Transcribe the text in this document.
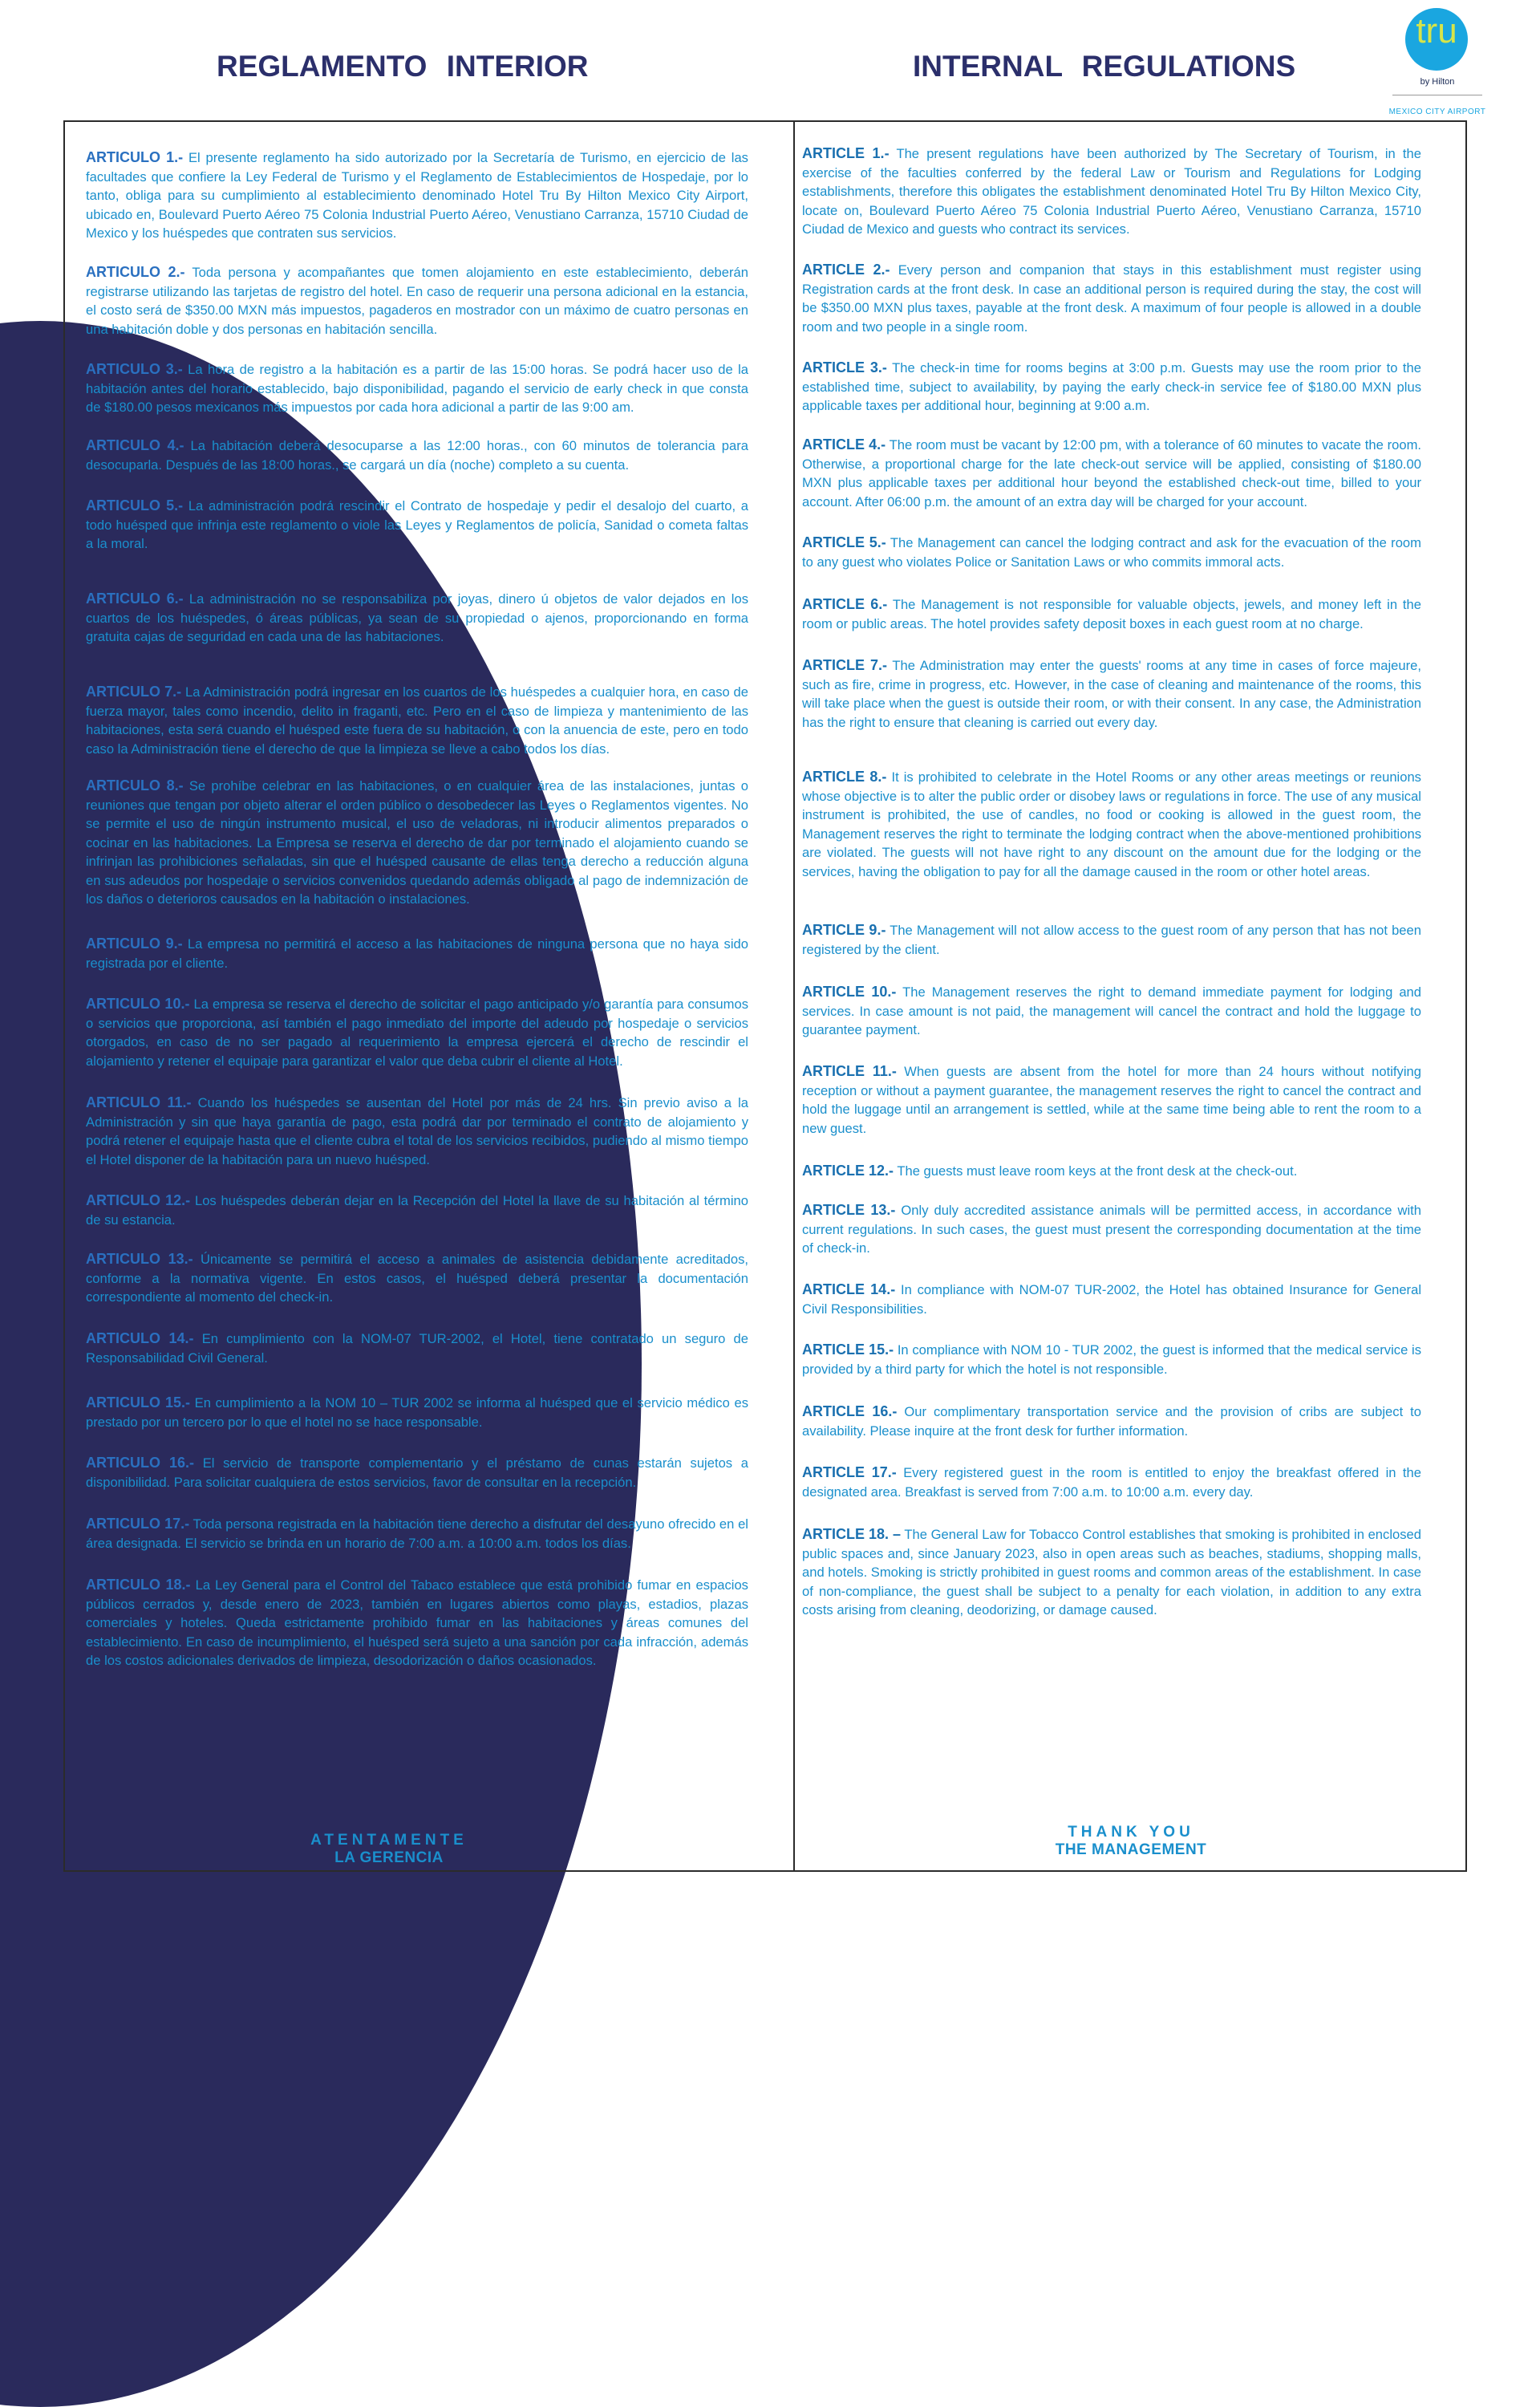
REGLAMENTO INTERIOR	INTERNAL REGULATIONS
tru
by Hilton
MEXICO CITY AIRPORT

ARTICULO 1.- El presente reglamento ha sido autorizado por la Secretaría de Turismo, en ejercicio de las facultades que confiere la Ley Federal de Turismo y el Reglamento de Establecimientos de Hospedaje, por lo tanto, obliga para su cumplimiento al establecimiento denominado Hotel Tru By Hilton Mexico City Airport, ubicado en, Boulevard Puerto Aéreo 75 Colonia Industrial Puerto Aéreo, Venustiano Carranza, 15710 Ciudad de Mexico y los huéspedes que contraten sus servicios.

ARTICULO 2.- Toda persona y acompañantes que tomen alojamiento en este establecimiento, deberán registrarse utilizando las tarjetas de registro del hotel. En caso de requerir una persona adicional en la estancia, el costo será de $350.00 MXN más impuestos, pagaderos en mostrador con un máximo de cuatro personas en una habitación doble y dos personas en habitación sencilla.

ARTICULO 3.- La hora de registro a la habitación es a partir de las 15:00 horas. Se podrá hacer uso de la habitación antes del horario establecido, bajo disponibilidad, pagando el servicio de early check in que consta de $180.00 pesos mexicanos más impuestos por cada hora adicional a partir de las 9:00 am.

ARTICULO 4.- La habitación deberá desocuparse a las 12:00 horas., con 60 minutos de tolerancia para desocuparla. Después de las 18:00 horas., se cargará un día (noche) completo a su cuenta.

ARTICULO 5.- La administración podrá rescindir el Contrato de hospedaje y pedir el desalojo del cuarto, a todo huésped que infrinja este reglamento o viole las Leyes y Reglamentos de policía, Sanidad o cometa faltas a la moral.

ARTICULO 6.- La administración no se responsabiliza por joyas, dinero ú objetos de valor dejados en los cuartos de los huéspedes, ó áreas públicas, ya sean de su propiedad o ajenos, proporcionando en forma gratuita cajas de seguridad en cada una de las habitaciones.

ARTICULO 7.- La Administración podrá ingresar en los cuartos de los huéspedes a cualquier hora, en caso de fuerza mayor, tales como incendio, delito in fraganti, etc. Pero en el caso de limpieza y mantenimiento de las habitaciones, esta será cuando el huésped este fuera de su habitación, o con la anuencia de este, pero en todo caso la Administración tiene el derecho de que la limpieza se lleve a cabo todos los días.

ARTICULO 8.- Se prohíbe celebrar en las habitaciones, o en cualquier área de las instalaciones, juntas o reuniones que tengan por objeto alterar el orden público o desobedecer las Leyes o Reglamentos vigentes. No se permite el uso de ningún instrumento musical, el uso de veladoras, ni introducir alimentos preparados o cocinar en las habitaciones. La Empresa se reserva el derecho de dar por terminado el alojamiento cuando se infrinjan las prohibiciones señaladas, sin que el huésped causante de ellas tenga derecho a reducción alguna en sus adeudos por hospedaje o servicios convenidos quedando además obligado al pago de indemnización de los daños o deterioros causados en la habitación o instalaciones.

ARTICULO 9.- La empresa no permitirá el acceso a las habitaciones de ninguna persona que no haya sido registrada por el cliente.

ARTICULO 10.- La empresa se reserva el derecho de solicitar el pago anticipado y/o garantía para consumos o servicios que proporciona, así también el pago inmediato del importe del adeudo por hospedaje o servicios otorgados, en caso de no ser pagado al requerimiento la empresa ejercerá el derecho de rescindir el alojamiento y retener el equipaje para garantizar el valor que deba cubrir el cliente al Hotel.

ARTICULO 11.- Cuando los huéspedes se ausentan del Hotel por más de 24 hrs. Sin previo aviso a la Administración y sin que haya garantía de pago, esta podrá dar por terminado el contrato de alojamiento y podrá retener el equipaje hasta que el cliente cubra el total de los servicios recibidos, pudiendo al mismo tiempo el Hotel disponer de la habitación para un nuevo huésped.

ARTICULO 12.- Los huéspedes deberán dejar en la Recepción del Hotel la llave de su habitación al término de su estancia.

ARTICULO 13.- Únicamente se permitirá el acceso a animales de asistencia debidamente acreditados, conforme a la normativa vigente. En estos casos, el huésped deberá presentar la documentación correspondiente al momento del check-in.

ARTICULO 14.- En cumplimiento con la NOM-07 TUR-2002, el Hotel, tiene contratado un seguro de Responsabilidad Civil General.

ARTICULO 15.- En cumplimiento a la NOM 10 – TUR 2002 se informa al huésped que el servicio médico es prestado por un tercero por lo que el hotel no se hace responsable.

ARTICULO 16.- El servicio de transporte complementario y el préstamo de cunas estarán sujetos a disponibilidad. Para solicitar cualquiera de estos servicios, favor de consultar en la recepción.

ARTICULO 17.- Toda persona registrada en la habitación tiene derecho a disfrutar del desayuno ofrecido en el área designada. El servicio se brinda en un horario de 7:00 a.m. a 10:00 a.m. todos los días.

ARTICULO 18.- La Ley General para el Control del Tabaco establece que está prohibido fumar en espacios públicos cerrados y, desde enero de 2023, también en lugares abiertos como playas, estadios, plazas comerciales y hoteles. Queda estrictamente prohibido fumar en las habitaciones y áreas comunes del establecimiento. En caso de incumplimiento, el huésped será sujeto a una sanción por cada infracción, además de los costos adicionales derivados de limpieza, desodorización o daños ocasionados.

ARTICLE 1.- The present regulations have been authorized by The Secretary of Tourism, in the exercise of the faculties conferred by the federal Law or Tourism and Regulations for Lodging establishments, therefore this obligates the establishment denominated Hotel Tru By Hilton Mexico City, locate on, Boulevard Puerto Aéreo 75 Colonia Industrial Puerto Aéreo, Venustiano Carranza, 15710 Ciudad de Mexico and guests who contract its services.

ARTICLE 2.- Every person and companion that stays in this establishment must register using Registration cards at the front desk. In case an additional person is required during the stay, the cost will be $350.00 MXN plus taxes, payable at the front desk. A maximum of four people is allowed in a double room and two people in a single room.

ARTICLE 3.- The check-in time for rooms begins at 3:00 p.m. Guests may use the room prior to the established time, subject to availability, by paying the early check-in service fee of $180.00 MXN plus applicable taxes per additional hour, beginning at 9:00 a.m.

ARTICLE 4.- The room must be vacant by 12:00 pm, with a tolerance of 60 minutes to vacate the room. Otherwise, a proportional charge for the late check-out service will be applied, consisting of $180.00 MXN plus applicable taxes per additional hour beyond the established check-out time, billed to your account. After 06:00 p.m. the amount of an extra day will be charged for your account.

ARTICLE 5.- The Management can cancel the lodging contract and ask for the evacuation of the room to any guest who violates Police or Sanitation Laws or who commits immoral acts.

ARTICLE 6.- The Management is not responsible for valuable objects, jewels, and money left in the room or public areas. The hotel provides safety deposit boxes in each guest room at no charge.

ARTICLE 7.- The Administration may enter the guests' rooms at any time in cases of force majeure, such as fire, crime in progress, etc. However, in the case of cleaning and maintenance of the rooms, this will take place when the guest is outside their room, or with their consent. In any case, the Administration has the right to ensure that cleaning is carried out every day.

ARTICLE 8.- It is prohibited to celebrate in the Hotel Rooms or any other areas meetings or reunions whose objective is to alter the public order or disobey laws or regulations in force. The use of any musical instrument is prohibited, the use of candles, no food or cooking is allowed in the guest room, the Management reserves the right to terminate the lodging contract when the above-mentioned prohibitions are violated. The guests will not have right to any discount on the amount due for the lodging or the services, having the obligation to pay for all the damage caused in the room or other hotel areas.

ARTICLE 9.- The Management will not allow access to the guest room of any person that has not been registered by the client.

ARTICLE 10.- The Management reserves the right to demand immediate payment for lodging and services. In case amount is not paid, the management will cancel the contract and hold the luggage to guarantee payment.

ARTICLE 11.- When guests are absent from the hotel for more than 24 hours without notifying reception or without a payment guarantee, the management reserves the right to cancel the contract and hold the luggage until an arrangement is settled, while at the same time being able to rent the room to a new guest.

ARTICLE 12.- The guests must leave room keys at the front desk at the check-out.

ARTICLE 13.- Only duly accredited assistance animals will be permitted access, in accordance with current regulations. In such cases, the guest must present the corresponding documentation at the time of check-in.

ARTICLE 14.- In compliance with NOM-07 TUR-2002, the Hotel has obtained Insurance for General Civil Responsibilities.

ARTICLE 15.- In compliance with NOM 10 - TUR 2002, the guest is informed that the medical service is provided by a third party for which the hotel is not responsible.

ARTICLE 16.- Our complimentary transportation service and the provision of cribs are subject to availability. Please inquire at the front desk for further information.

ARTICLE 17.- Every registered guest in the room is entitled to enjoy the breakfast offered in the designated area. Breakfast is served from 7:00 a.m. to 10:00 a.m. every day.

ARTICLE 18. – The General Law for Tobacco Control establishes that smoking is prohibited in enclosed public spaces and, since January 2023, also in open areas such as beaches, stadiums, shopping malls, and hotels. Smoking is strictly prohibited in guest rooms and common areas of the establishment. In case of non-compliance, the guest shall be subject to a penalty for each violation, in addition to any extra costs arising from cleaning, deodorizing, or damage caused.

ATENTAMENTE
LA GERENCIA
THANK YOU
THE MANAGEMENT
